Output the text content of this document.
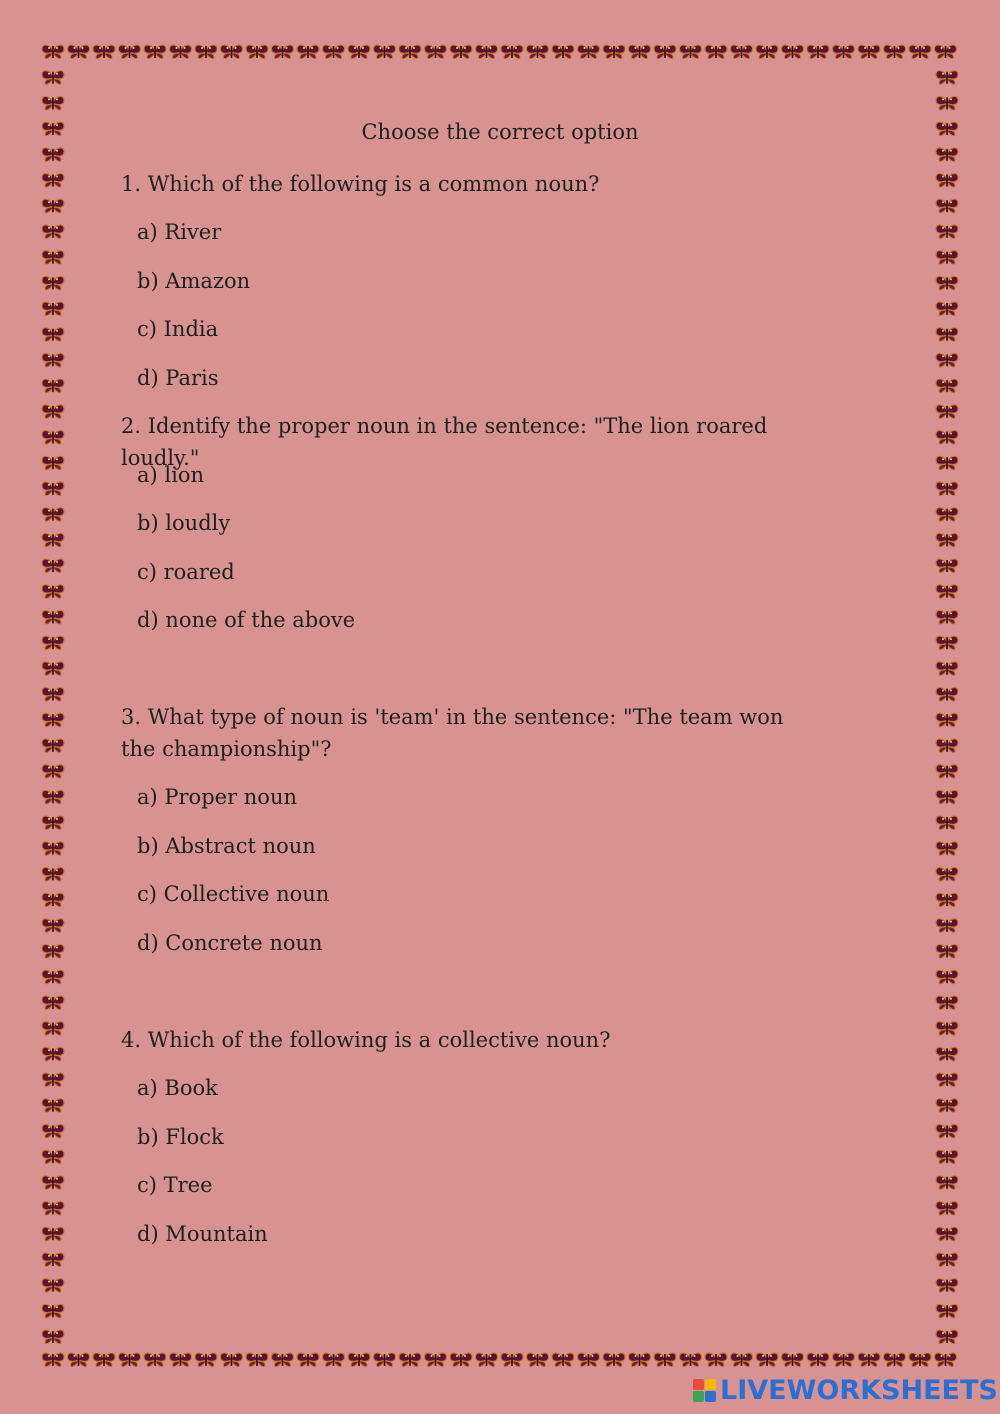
Choose the correct option
1. Which of the following is a common noun?
a) River
b) Amazon
c) India
d) Paris
2. Identify the proper noun in the sentence: "The lion roared loudly."
a) lion
b) loudly
c) roared
d) none of the above
3. What type of noun is 'team' in the sentence: "The team won the championship"?
a) Proper noun
b) Abstract noun
c) Collective noun
d) Concrete noun
4. Which of the following is a collective noun?
a) Book
b) Flock
c) Tree
d) Mountain
LIVEWORKSHEETS
